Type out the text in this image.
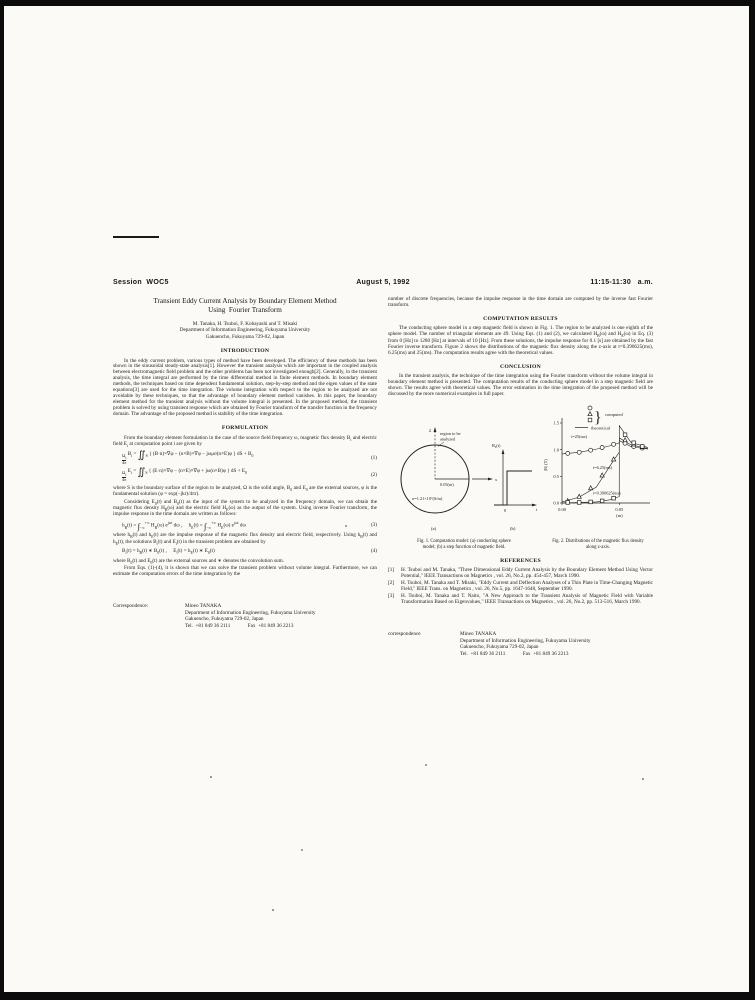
Session  WOC5	August 5, 1992	11:15-11:30   a.m.
Transient Eddy Current Analysis by Boundary Element Method
Using  Fourier Transform
M. Tanaka, H. Tsuboi, F. Kobayashi and T. Misaki
Department of Information Engineering, Fukuyama University
Gakuencho, Fukuyama 729-02, Japan
INTRODUCTION

In the eddy current problem, various types of method have been developed. The efficiency of these methods has been shown in the sinusoidal steady-state analysis[1]. However the transient analysis which are important in the coupled analysis between electromagnetic field problem and the other problems has been not investigated enough[2]. Generally, in the transient analysis, the time integral are performed by the time differential method in finite element methods. In boundary element methods, the techniques based on time dependent fundamental solution, step-by-step method and the eigen values of the state equations[3] are used for the time integration. The volume integration with respect to the region to be analyzed are not avoidable by these techniques, so that the advantage of boundary element method vanishes. In this paper, the boundary element method for the transient analysis without the volume integral is presented. In the proposed method, the transient problem is solved by using transient response which are obtained by Fourier transform of the transfer function in the frequency domain. The advantage of the proposed method is stability of the time integration.

FORMULATION

From the boundary element formulation in the case of the source field frequency ω, magnetic flux density $B_i$ and electric field $E_i$ at computation point i are given by

$\frac{\Omega_i}{4\pi}$
$B_i$ = $∬_S$ { (B·n)×∇φ − (n×B)×∇φ − jωμσ(n×E)φ } dS + $B_0$	(1)
$\frac{\Omega_i}{4\pi}$
$E_i$ = $∬_S$ { (E·n)×∇φ − (n×E)×∇φ + jω(n×B)φ } dS + $E_0$	(2)

where S is the boundary surface of the region to be analyzed, Ω is the solid angle, $B_0$ and $E_0$ are the external sources, φ is the fundamental solution (φ = exp(−jkr)/4πr).

Considering $E_0(t)$ and $B_0(t)$ as the input of the system to be analyzed in the frequency domain, we can obtain the magnetic flux density $H_B(\omega)$ and the electric field $H_E(\omega)$ as the output of the system. Using inverse Fourier transform, the impulse response in the time domain are written as follows:

$h_B(t) = \int_{-\infty}^{+\infty}$ $H_B(\omega)$ $e^{j\omega t}$ dω ,     $h_E(t) = \int_{-\infty}^{+\infty}$ $H_E(\omega)$ $e^{j\omega t}$ dω	(3)

where $h_B(t)$ and $h_E(t)$ are the impulse response of the magnetic flux density and electric field, respectively. Using $h_B(t)$ and $h_E(t)$, the solutions $B_i(t)$ and $E_i(t)$ in the transient problem are obtained by

$B_i(t) = h_B(t)$ ∗ $B_0(t)$ ,     $E_i(t) = h_E(t)$ ∗ $E_0(t)$	(4)

where $B_0(t)$ and $E_0(t)$ are the external sources and ∗ denotes the convolution sum.

From Eqs. (1)-(4), it is shown that we can solve the transient problem without volume integral. Furthermore, we can estimate the computation errors of the time integration by the

Correspondence:	Mineo TANAKA
Department of Information Engineering, Fukuyama University
Gakuencho, Fukuyama 729-02, Japan
Tel.  +81 849 36 2111	Fax  +81 849 36 2213

number of discrete frequencies, because the impulse response in the time domain are computed by the inverse fast Fourier transform.

COMPUTATION RESULTS

The conducting sphere model in a step magnetic field is shown in Fig. 1. The region to be analyzed is one eighth of the sphere model. The number of triangular elements are 49. Using Eqs. (1) and (2), we calculated $H_B(\omega)$ and $H_E(\omega)$ in Eq. (3) from 0 [Hz] to 1280 [Hz] at intervals of 10 [Hz]. From these solutions, the impulse response for 0.1 [s] are obtained by the fast Fourier inverse transform. Figure 2 shows the distributions of the magnetic flux density along the z-axis at t=0.390625(ms), 6.25(ms) and 25(ms). The computation results agree with the theoretical values.

CONCLUSION

In the transient analysis, the technique of the time integration using the Fourier transform without the volume integral in boundary element method is presented. The computation results of the conducting sphere model in a step magnetic field are shown. The results agree with theoretical values. The error estimation in the time integration of the proposed method will be discussed by the more numerical examples in full paper.

z region to be
analyzed
0.05(m)
x
σ=1.21×10⁷(S/m)
(a)
B₀(t)
t
0
(b)
Fig. 1. Computation model: (a) conducting sphere
model; (b) a step function of magnetic field.
0.0
0.5
1.0
1.5
0.00	0.05
(m)
|B| (T)
t=25(ms)
t=6.25(ms)
t=0.390625(ms)
} computed
theoretical
Fig. 2. Distributions of the magnetic flux density
along z-axis.
REFERENCES
[1]	H. Tsuboi and M. Tanaka, "Three Dimensional Eddy Current Analysis by the Boundary Element Method Using Vector Potential," IEEE Transactions on Magnetics , vol. 26, No.2, pp. 454-457, March 1990.
[2]	H. Tsuboi, M. Tanaka and T. Misaki, "Eddy Current and Deflection Analyses of a Thin Plate in Time-Changing Magnetic Field," IEEE Trans. on Magnetics , vol. 26, No.5, pp. 1647-1648, September 1990.
[3]	H. Tsuboi, M. Tanaka and T. Naito, "A New Approach to the Transient Analysis of Magnetic Field with Variable Transformation Based on Eigenvalues," IEEE Transactions on Magnetics , vol. 26, No.2, pp. 513-516, March 1990.
correspondence	Mineo TANAKA
Department of Information Engineering, Fukuyama University
Gakuencho, Fukuyama 729-02, Japan
Tel.  +81 849 36 2111	Fax  +81 849 36 2213
